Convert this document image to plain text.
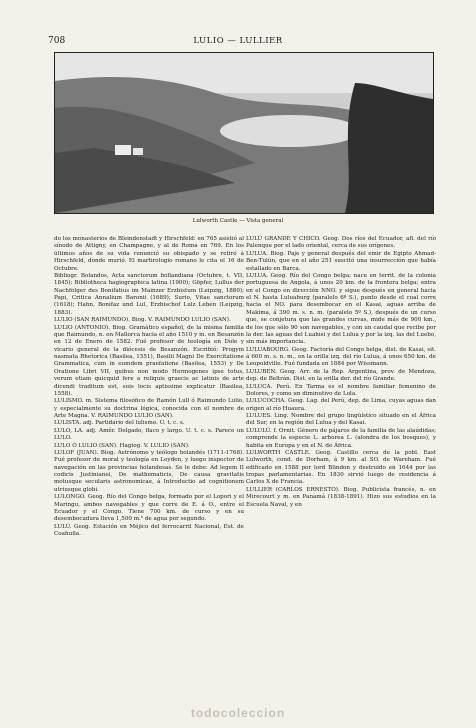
708	LULIO — LULLIER
Lulworth Castle — Vista general

do los monasterios de Bleindenstadt y Hirschfeld: en 765 asistió al sínodo de Attigny, en Champagne, y al de Roma en 769. En los últimos años de su vida renunció su obispado y se retiró á Hirschfeld, donde murió. El martirologio romano le cita el 16 de Octubre.

Bibliogr. Bolandos, Acta sanctorum bollandiana (Octubre, t. VII, 1845); Bibliotheca hagiographica latina (1900); Göpfer, Lullus der Nachfolger des Bonifatius im Mainzer Erzbistum (Leipzig, 1880); Papi, Critica Annalium Baronii (1689); Surio, Vitae sanctorum (1618); Hahn, Bonifaz und Lul, Erzbischof Lulz Leben (Leipzig, 1883).

LULIO (SAN RAIMUNDO). Biog. V. RAIMUNDO LULIO (SAN).

LULIO (ANTONIO). Biog. Gramático español, de la misma familia que Raimundo, n. en Mallorca hacia el año 1510 y m. en Besanzón en 12 de Enero de 1582. Fué profesor de teología en Dole y vicario general de la diócesis de Besanzón. Escribió: Progym nasmata Rhetorica (Basilea, 1551), Basilii Magni De Exercitatione Grammatica, cum in eumdem praefatione (Basilea, 1553) y De Oratione Libri VII, quibus non modo Hermogenes ipse totus, verum etiam quicquid fere a reliquis graecis ac latinis de arte dicendi traditum est, suis locis aptissime explicatur (Basilea, 1558).

LULISMO. m. Sistema filosófico de Ramón Lull ó Raimundo Lulio, y especialmente su doctrina lógica, conocida con el nombre de Arte Magna. V. RAIMUNDO LULIO (SAN).

LULISTA. adj. Partidario del lulismo. U. t. c. s.

LULO, LA. adj. Amér. Delgado, flaco y largo. U. t. c. s. Parece un LULO.

LULO Ó LULIO (SAN). Hagiog. V. LULIO (SAN).

LULOF (JUAN). Biog. Astrónomo y teólogo holandés (1711-1768). Fué profesor de moral y teología en Leyden, y luego inspector de navegación en las provincias holandesas. Se le debe: Ad legem II codicis Justinianei, De mathematicis, De causa gravitatis motusque secularis astronomicae, á Introductio ad cognitionem utriusque globi.

LULONGO. Geog. Río del Congo belga, formado por el Lopori y el Maringu, ambos navegables y que corre de E. á O., entre el Ecuador y el Congo. Tiene 700 km. de curso y en su desembocadura lleva 1,500 m.³ de agua por segundo.

LULÚ. Geog. Estación en Méjico del ferrocarril Nacional, Est. de Coahuila.

LULÚ GRANDE Y CHICO. Geog. Dos ríos del Ecuador, afl. del río Palenque por el lado oriental, cerca de sus orígenes.

LULUA. Biog. Paje y general después del emir de Egipto Ahmad-Ben-Tulún, que en el año 251 suscitó una insurrección que había estallado en Barca.

LULUA. Geog. Río del Congo belga; nace en territ. de la colonia portuguesa de Angola, á unos 20 km. de la frontera belga; entra en el Congo en dirección NNO. y sigue después en general hacia el N. hasta Luluaburg (paralelo 6º S.), punto desde el cual corre hacia el NO. para desembocar en el Kasai, aguas arriba de Makima, á 390 m. s. n. m. (paralelo 5º S.), después de un curso que, se conjetura que las grandes curvas, mide más de 900 km., de los que sólo 90 son navegables, y con un caudal que recibe por la der. las aguas del Luahisi y del Lulua y por la izq. las del Luebo, sin más importancia.

LULUABOURG. Geog. Factoría del Congo belga, dist. de Kasai, sit. á 600 m. s. n. m., en la orilla izq. del río Lulua, á unos 650 km. de Leopoldville. Fué fundada en 1884 por Wissmann.

LULUBEN. Geog. Arr. de la Rep. Argentina, prov. de Mendoza, dep. de Beltrán. Dist. en la orilla der. del río Grande.

LULUCA. Perú. En Tarma es el nombre familiar femenino de Dolores, y como un diminutivo de Lola.

LULUCOCHA. Geog. Lag. del Perú, dep. de Lima, cuyas aguas dan origen al río Huaura.

LULUES. Ling. Nombre del grupo lingüístico situado en el África del Sur, en la región del Lulua y del Kasai.

LULULÚ. f. Ornit. Género de pájaros de la familia de las alaúdidas; comprende la especie L. arborea L. (alondra de los bosques), y habita en Europa y en el N. de África.

LULWORTH CASTLE. Geog. Castillo cerca de la pobl. East Lulworth, cond. de Dorham, á 9 km. al SO. de Wareham. Fué edificado en 1588 por lord Blindon y destruido en 1644 por las tropas parlamentarias. En 1830 sirvió luego de residencia á Carlos X de Francia.

LULLIER (CARLOS ERNESTO). Biog. Publicista francés, n. en Mirecourt y m. en Panamá (1838-1891). Hizo sus estudios en la Escuela Naval, y en

todocoleccion
